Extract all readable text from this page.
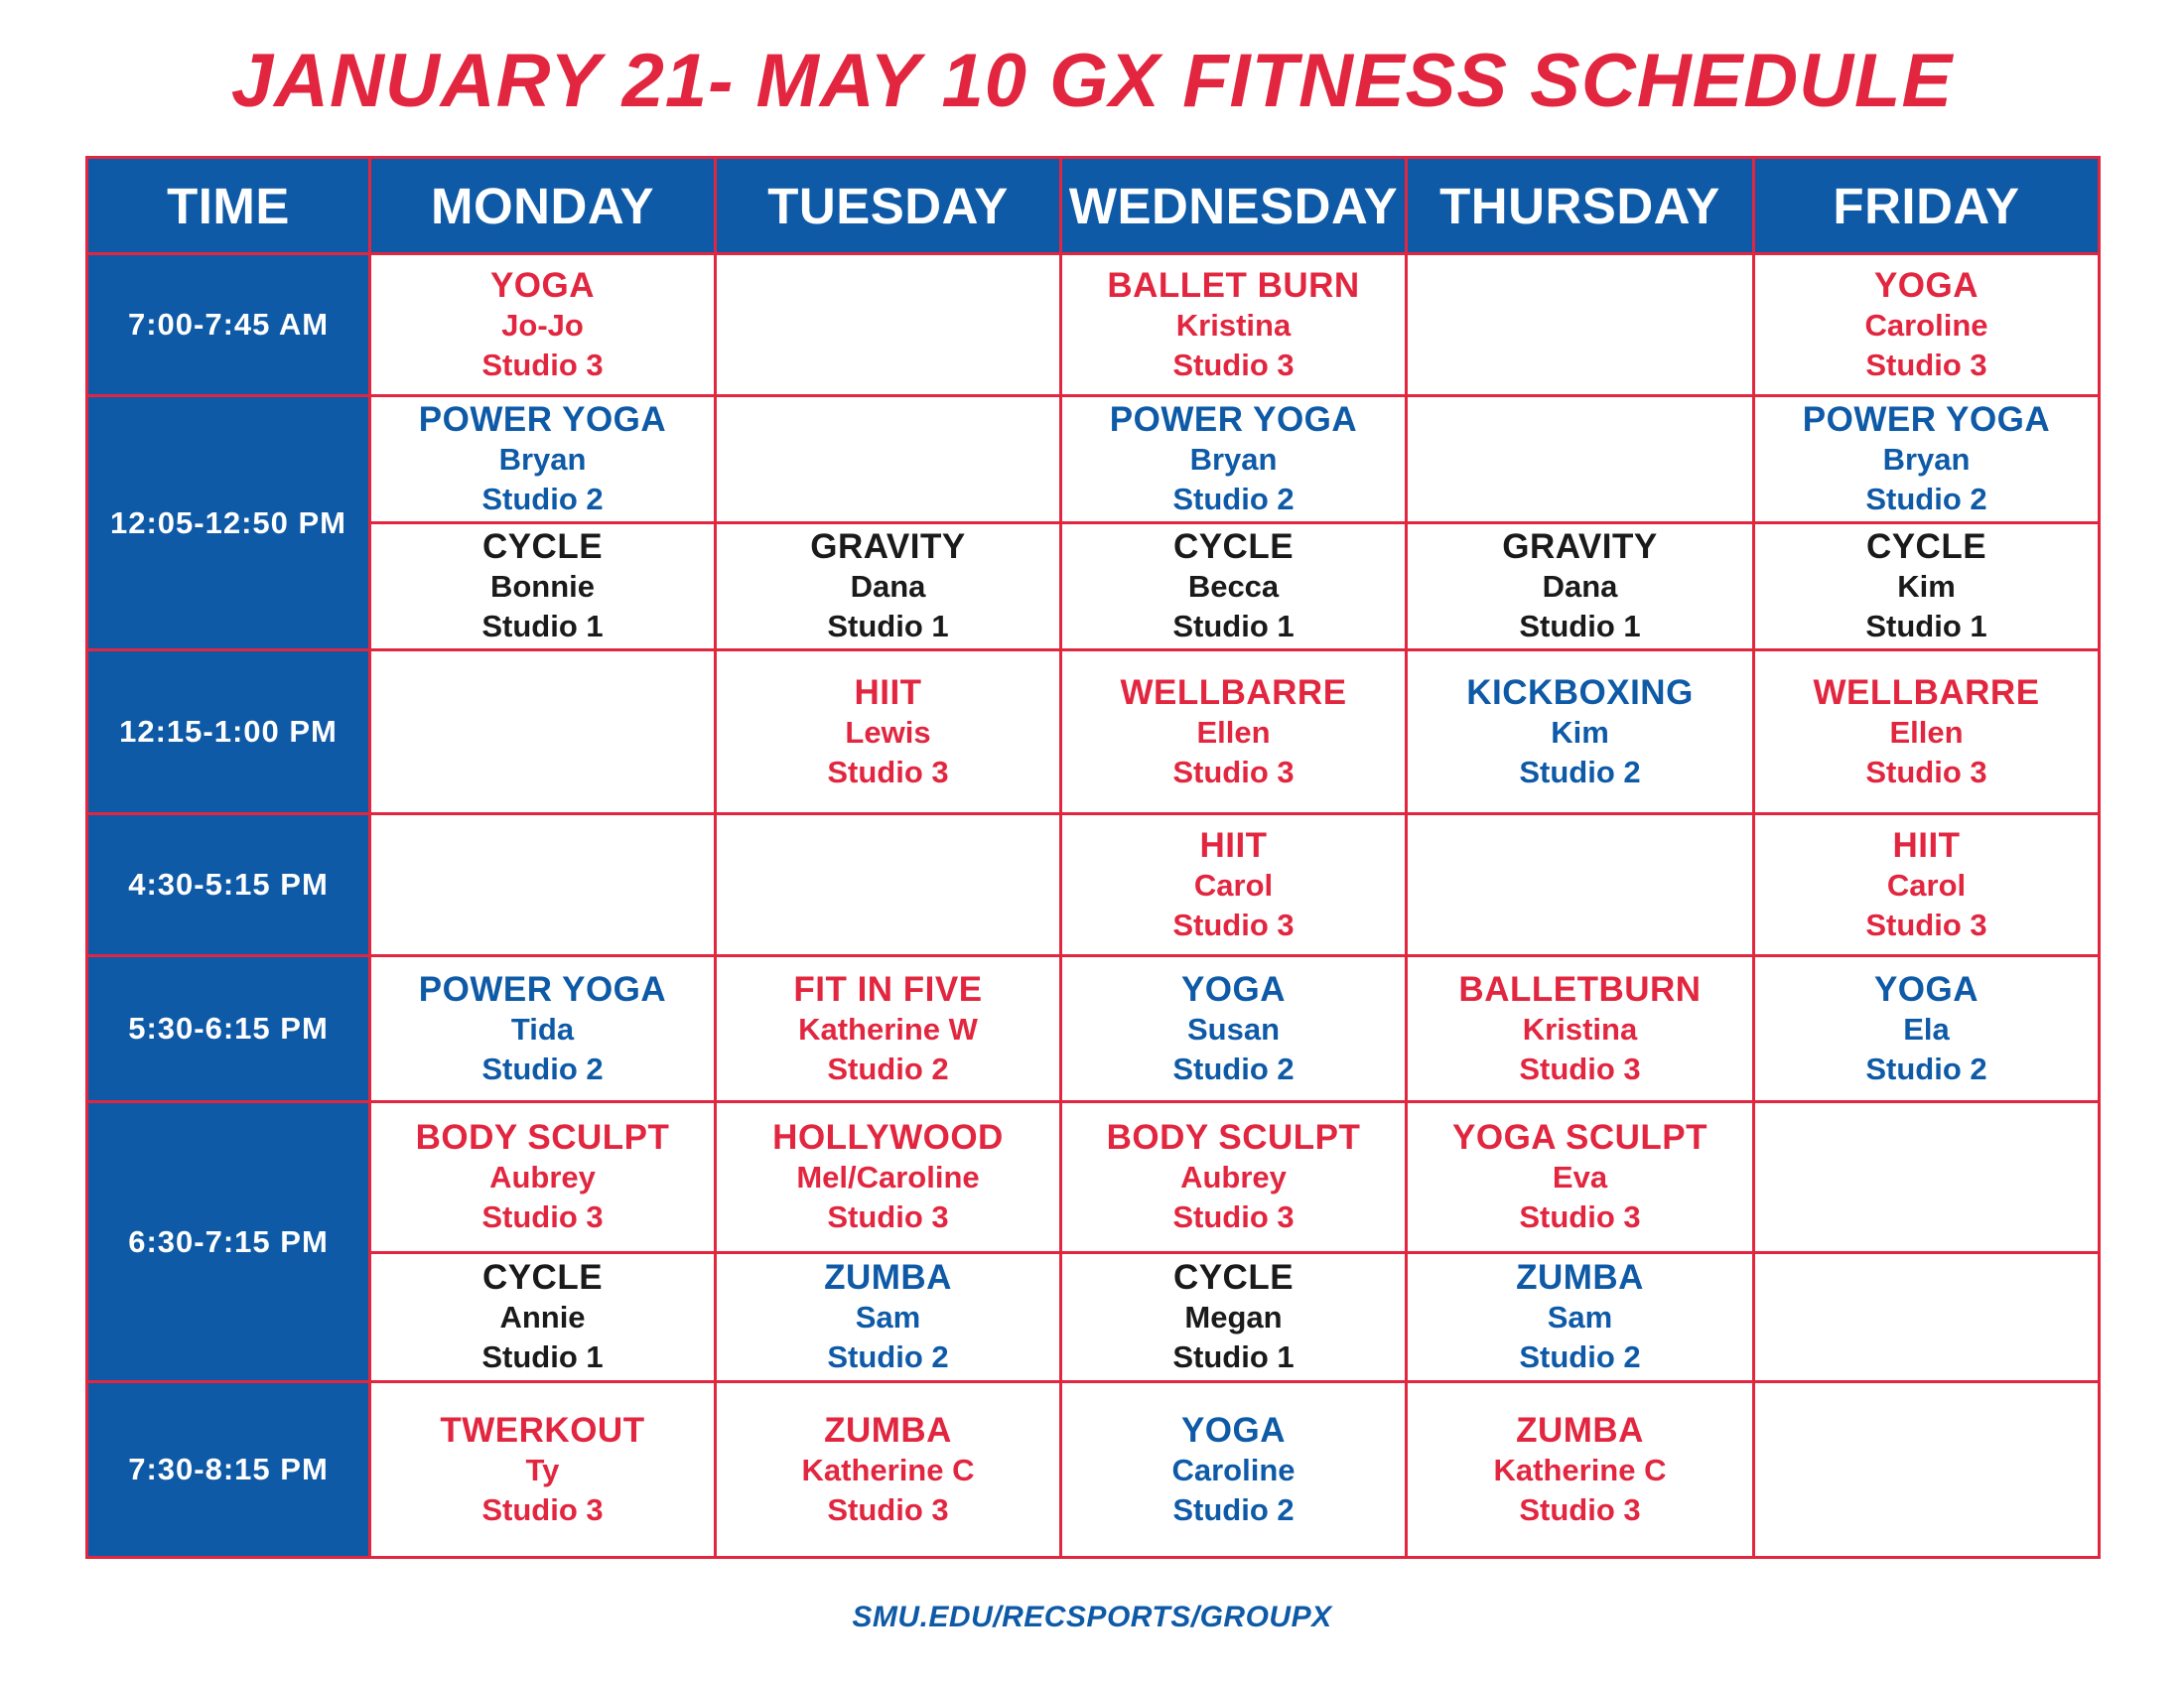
JANUARY 21- MAY 10 GX FITNESS SCHEDULE
TIME	MONDAY	TUESDAY	WEDNESDAY	THURSDAY	FRIDAY
7:00-7:45 AM	YOGA
Jo-Jo
Studio 3		BALLET BURN
Kristina
Studio 3		YOGA
Caroline
Studio 3

12:05-12:50 PM	POWER YOGA
Bryan
Studio 2		POWER YOGA
Bryan
Studio 2		POWER YOGA
Bryan
Studio 2

	CYCLE
Bonnie
Studio 1	GRAVITY
Dana
Studio 1	CYCLE
Becca
Studio 1	GRAVITY
Dana
Studio 1	CYCLE
Kim
Studio 1

12:15-1:00 PM		HIIT
Lewis
Studio 3	WELLBARRE
Ellen
Studio 3	KICKBOXING
Kim
Studio 2	WELLBARRE
Ellen
Studio 3

4:30-5:15 PM			HIIT
Carol
Studio 3		HIIT
Carol
Studio 3

5:30-6:15 PM	POWER YOGA
Tida
Studio 2	FIT IN FIVE
Katherine W
Studio 2	YOGA
Susan
Studio 2	BALLETBURN
Kristina
Studio 3	YOGA
Ela
Studio 2

6:30-7:15 PM	BODY SCULPT
Aubrey
Studio 3	HOLLYWOOD
Mel/Caroline
Studio 3	BODY SCULPT
Aubrey
Studio 3	YOGA SCULPT
Eva
Studio 3	

	CYCLE
Annie
Studio 1	ZUMBA
Sam
Studio 2	CYCLE
Megan
Studio 1	ZUMBA
Sam
Studio 2	

7:30-8:15 PM	TWERKOUT
Ty
Studio 3	ZUMBA
Katherine C
Studio 3	YOGA
Caroline
Studio 2	ZUMBA
Katherine C
Studio 3	

SMU.EDU/RECSPORTS/GROUPX
